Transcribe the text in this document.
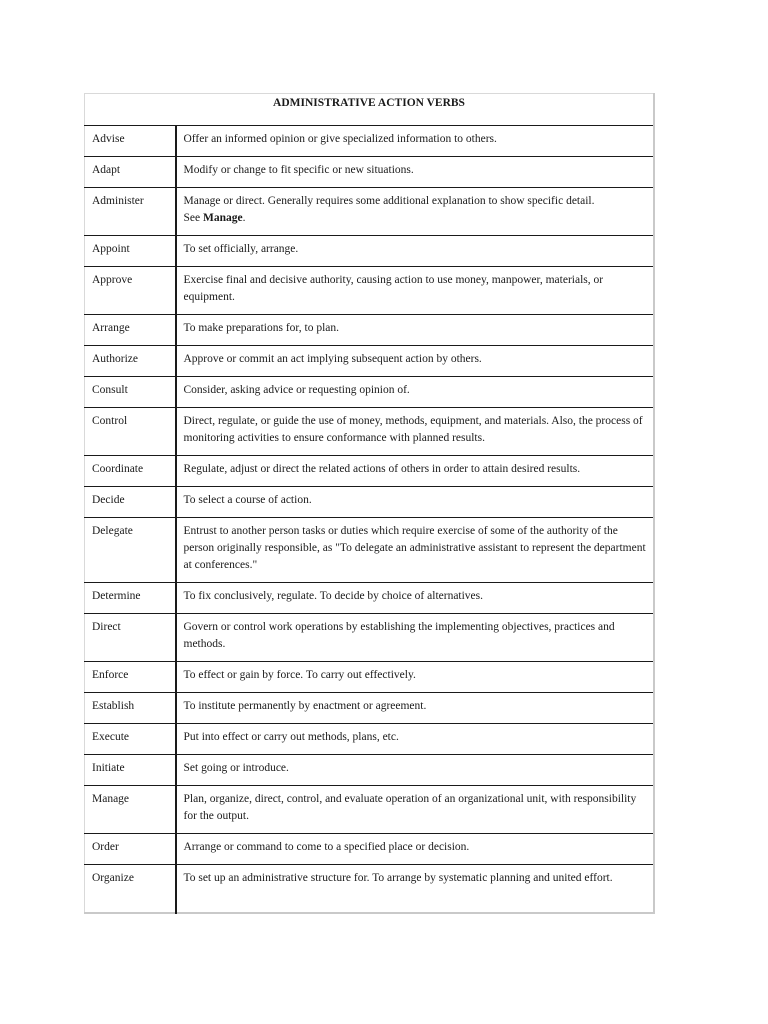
ADMINISTRATIVE ACTION VERBS	
Advise	Offer an informed opinion or give specialized information to others.
Adapt	Modify or change to fit specific or new situations.
Administer	Manage or direct. Generally requires some additional explanation to show specific detail.
See Manage.
Appoint	To set officially, arrange.
Approve	Exercise final and decisive authority, causing action to use money, manpower, materials, or equipment.
Arrange	To make preparations for, to plan.
Authorize	Approve or commit an act implying subsequent action by others.
Consult	Consider, asking advice or requesting opinion of.
Control	Direct, regulate, or guide the use of money, methods, equipment, and materials. Also, the process of monitoring activities to ensure conformance with planned results.
Coordinate	Regulate, adjust or direct the related actions of others in order to attain desired results.
Decide	To select a course of action.
Delegate	Entrust to another person tasks or duties which require exercise of some of the authority of the person originally responsible, as "To delegate an administrative assistant to represent the department at conferences."
Determine	To fix conclusively, regulate. To decide by choice of alternatives.
Direct	Govern or control work operations by establishing the implementing objectives, practices and methods.
Enforce	To effect or gain by force. To carry out effectively.
Establish	To institute permanently by enactment or agreement.
Execute	Put into effect or carry out methods, plans, etc.
Initiate	Set going or introduce.
Manage	Plan, organize, direct, control, and evaluate operation of an organizational unit, with responsibility for the output.
Order	Arrange or command to come to a specified place or decision.
Organize	To set up an administrative structure for. To arrange by systematic planning and united effort.
